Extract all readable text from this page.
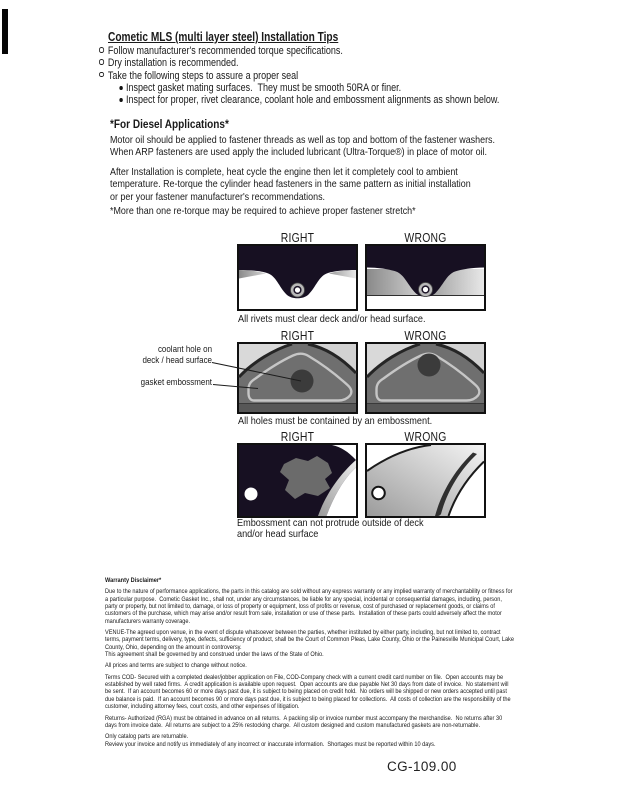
Cometic MLS (multi layer steel) Installation Tips
Follow manufacturer's recommended torque specifications.
Dry installation is recommended.
Take the following steps to assure a proper seal
Inspect gasket mating surfaces.  They must be smooth 50RA or finer.
Inspect for proper, rivet clearance, coolant hole and embossment alignments as shown below.
*For Diesel Applications*
Motor oil should be applied to fastener threads as well as top and bottom of the fastener washers.
When ARP fasteners are used apply the included lubricant (Ultra-Torque®) in place of motor oil.
After Installation is complete, heat cycle the engine then let it completely cool to ambient
temperature. Re-torque the cylinder head fasteners in the same pattern as initial installation
or per your fastener manufacturer's recommendations.
*More than one re-torque may be required to achieve proper fastener stretch*
RIGHT	WRONG
All rivets must clear deck and/or head surface.
RIGHT	WRONG
coolant hole on
deck / head surface
gasket embossment
All holes must be contained by an embossment.
RIGHT	WRONG
Embossment can not protrude outside of deck
and/or head surface

Warranty Disclaimer*

Due to the nature of performance applications, the parts in this catalog are sold without any express warranty or any implied warranty of merchantability or fitness for a particular purpose.  Cometic Gasket Inc., shall not, under any circumstances, be liable for any special, incidental or consequential damages, including, person, party or property, but not limited to, damage, or loss of property or equipment, loss of profits or revenue, cost of purchased or replacement goods, or claims of customers of the purchase, which may arise and/or result from sale, installation or use of these parts.  Installation of these parts could adversely affect the motor manufacturers warranty coverage.

VENUE-The agreed upon venue, in the event of dispute whatsoever between the parties, whether instituted by either party, including, but not limited to, contract terms, payment terms, delivery, type, defects, sufficiency of product, shall be the Court of Common Pleas, Lake County, Ohio or the Painesville Municipal Court, Lake County, Ohio, depending on the amount in controversy.

This agreement shall be governed by and construed under the laws of the State of Ohio.

All prices and terms are subject to change without notice.

Terms COD- Secured with a completed dealer/jobber application on File, COD-Company check with a current credit card number on file.  Open accounts may be established by well rated firms.  A credit application is available upon request.  Open accounts are due payable Net 30 days from date of invoice.  No statement will be sent.  If an account becomes 60 or more days past due, it is subject to being placed on credit hold.  No orders will be shipped or new orders accepted until past due balance is paid.  If an account becomes 90 or more days past due, it is subject to being placed for collections.  All costs of collection are the responsibility of the customer, including attorney fees, court costs, and other expenses of litigation.

Returns- Authorized (RGA) must be obtained in advance on all returns.  A packing slip or invoice number must accompany the merchandise.  No returns after 30 days from invoice date.  All returns are subject to a 25% restocking charge.  All custom designed and custom manufactured gaskets are non-returnable.

Only catalog parts are returnable.

Review your invoice and notify us immediately of any incorrect or inaccurate information.  Shortages must be reported within 10 days.

CG-109.00
